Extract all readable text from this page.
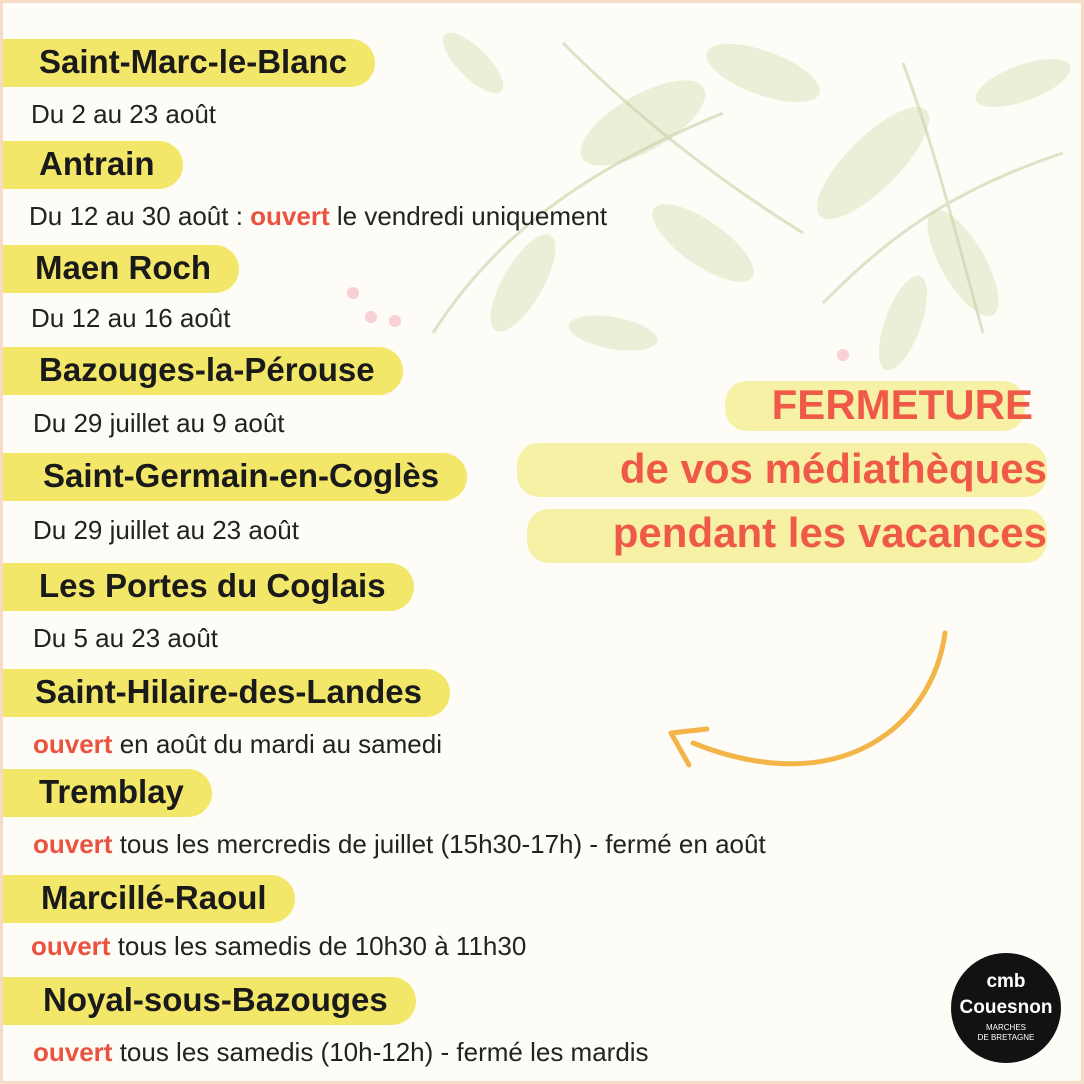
FERMETURE
de vos médiathèques
pendant les vacances
Saint-Marc-le-Blanc
Du 2 au 23 août
Antrain
Du 12 au 30 août : ouvert le vendredi uniquement
Maen Roch
Du 12 au 16 août
Bazouges-la-Pérouse
Du 29 juillet au 9 août
Saint-Germain-en-Coglès
Du 29 juillet au 23 août
Les Portes du Coglais
Du 5 au 23 août
Saint-Hilaire-des-Landes
ouvert en août du mardi au samedi
Tremblay
ouvert tous les mercredis de juillet (15h30-17h) - fermé en août
Marcillé-Raoul
ouvert tous les samedis de 10h30 à 11h30
Noyal-sous-Bazouges
ouvert tous les samedis (10h-12h) - fermé les mardis
cmb
Couesnon
MARCHES
DE BRETAGNE
